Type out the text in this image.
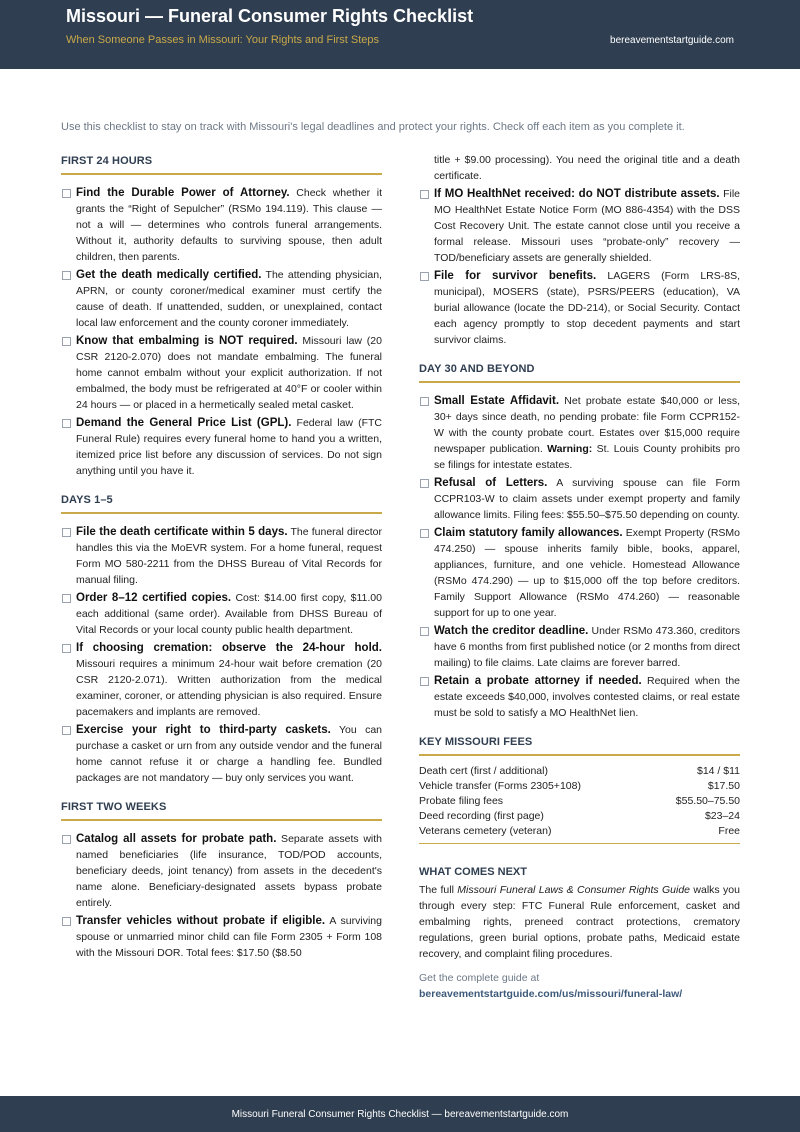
Missouri — Funeral Consumer Rights Checklist
When Someone Passes in Missouri: Your Rights and First Steps	bereavementstartguide.com
Use this checklist to stay on track with Missouri's legal deadlines and protect your rights. Check off each item as you complete it.
FIRST 24 HOURS
Find the Durable Power of Attorney. Check whether it grants the “Right of Sepulcher” (RSMo 194.119). This clause — not a will — determines who controls funeral arrangements. Without it, authority defaults to surviving spouse, then adult children, then parents.
Get the death medically certified. The attending physician, APRN, or county coroner/medical examiner must certify the cause of death. If unattended, sudden, or unexplained, contact local law enforcement and the county coroner immediately.
Know that embalming is NOT required. Missouri law (20 CSR 2120-2.070) does not mandate embalming. The funeral home cannot embalm without your explicit authorization. If not embalmed, the body must be refrigerated at 40°F or cooler within 24 hours — or placed in a hermetically sealed metal casket.
Demand the General Price List (GPL). Federal law (FTC Funeral Rule) requires every funeral home to hand you a written, itemized price list before any discussion of services. Do not sign anything until you have it.
DAYS 1–5
File the death certificate within 5 days. The funeral director handles this via the MoEVR system. For a home funeral, request Form MO 580-2211 from the DHSS Bureau of Vital Records for manual filing.
Order 8–12 certified copies. Cost: $14.00 first copy, $11.00 each additional (same order). Available from DHSS Bureau of Vital Records or your local county public health department.
If choosing cremation: observe the 24-hour hold. Missouri requires a minimum 24-hour wait before cremation (20 CSR 2120-2.071). Written authorization from the medical examiner, coroner, or attending physician is also required. Ensure pacemakers and implants are removed.
Exercise your right to third-party caskets. You can purchase a casket or urn from any outside vendor and the funeral home cannot refuse it or charge a handling fee. Bundled packages are not mandatory — buy only services you want.
FIRST TWO WEEKS
Catalog all assets for probate path. Separate assets with named beneficiaries (life insurance, TOD/POD accounts, beneficiary deeds, joint tenancy) from assets in the decedent's name alone. Beneficiary-designated assets bypass probate entirely.
Transfer vehicles without probate if eligible. A surviving spouse or unmarried minor child can file Form 2305 + Form 108 with the Missouri DOR. Total fees: $17.50 ($8.50
title + $9.00 processing). You need the original title and a death certificate.
If MO HealthNet received: do NOT distribute assets. File MO HealthNet Estate Notice Form (MO 886-4354) with the DSS Cost Recovery Unit. The estate cannot close until you receive a formal release. Missouri uses “probate-only” recovery — TOD/beneficiary assets are generally shielded.
File for survivor benefits. LAGERS (Form LRS-8S, municipal), MOSERS (state), PSRS/PEERS (education), VA burial allowance (locate the DD-214), or Social Security. Contact each agency promptly to stop decedent payments and start survivor claims.
DAY 30 AND BEYOND
Small Estate Affidavit. Net probate estate $40,000 or less, 30+ days since death, no pending probate: file Form CCPR152-W with the county probate court. Estates over $15,000 require newspaper publication. Warning: St. Louis County prohibits pro se filings for intestate estates.
Refusal of Letters. A surviving spouse can file Form CCPR103-W to claim assets under exempt property and family allowance limits. Filing fees: $55.50–$75.50 depending on county.
Claim statutory family allowances. Exempt Property (RSMo 474.250) — spouse inherits family bible, books, apparel, appliances, furniture, and one vehicle. Homestead Allowance (RSMo 474.290) — up to $15,000 off the top before creditors. Family Support Allowance (RSMo 474.260) — reasonable support for up to one year.
Watch the creditor deadline. Under RSMo 473.360, creditors have 6 months from first published notice (or 2 months from direct mailing) to file claims. Late claims are forever barred.
Retain a probate attorney if needed. Required when the estate exceeds $40,000, involves contested claims, or real estate must be sold to satisfy a MO HealthNet lien.
KEY MISSOURI FEES
Death cert (first / additional)	$14 / $11
Vehicle transfer (Forms 2305+108)	$17.50
Probate filing fees	$55.50–75.50
Deed recording (first page)	$23–24
Veterans cemetery (veteran)	Free
WHAT COMES NEXT
The full Missouri Funeral Laws & Consumer Rights Guide walks you through every step: FTC Funeral Rule enforcement, casket and embalming rights, preneed contract protections, crematory regulations, green burial options, probate paths, Medicaid estate recovery, and complaint filing procedures.
Get the complete guide at
bereavementstartguide.com/us/missouri/funeral-law/
Missouri Funeral Consumer Rights Checklist — bereavementstartguide.com
